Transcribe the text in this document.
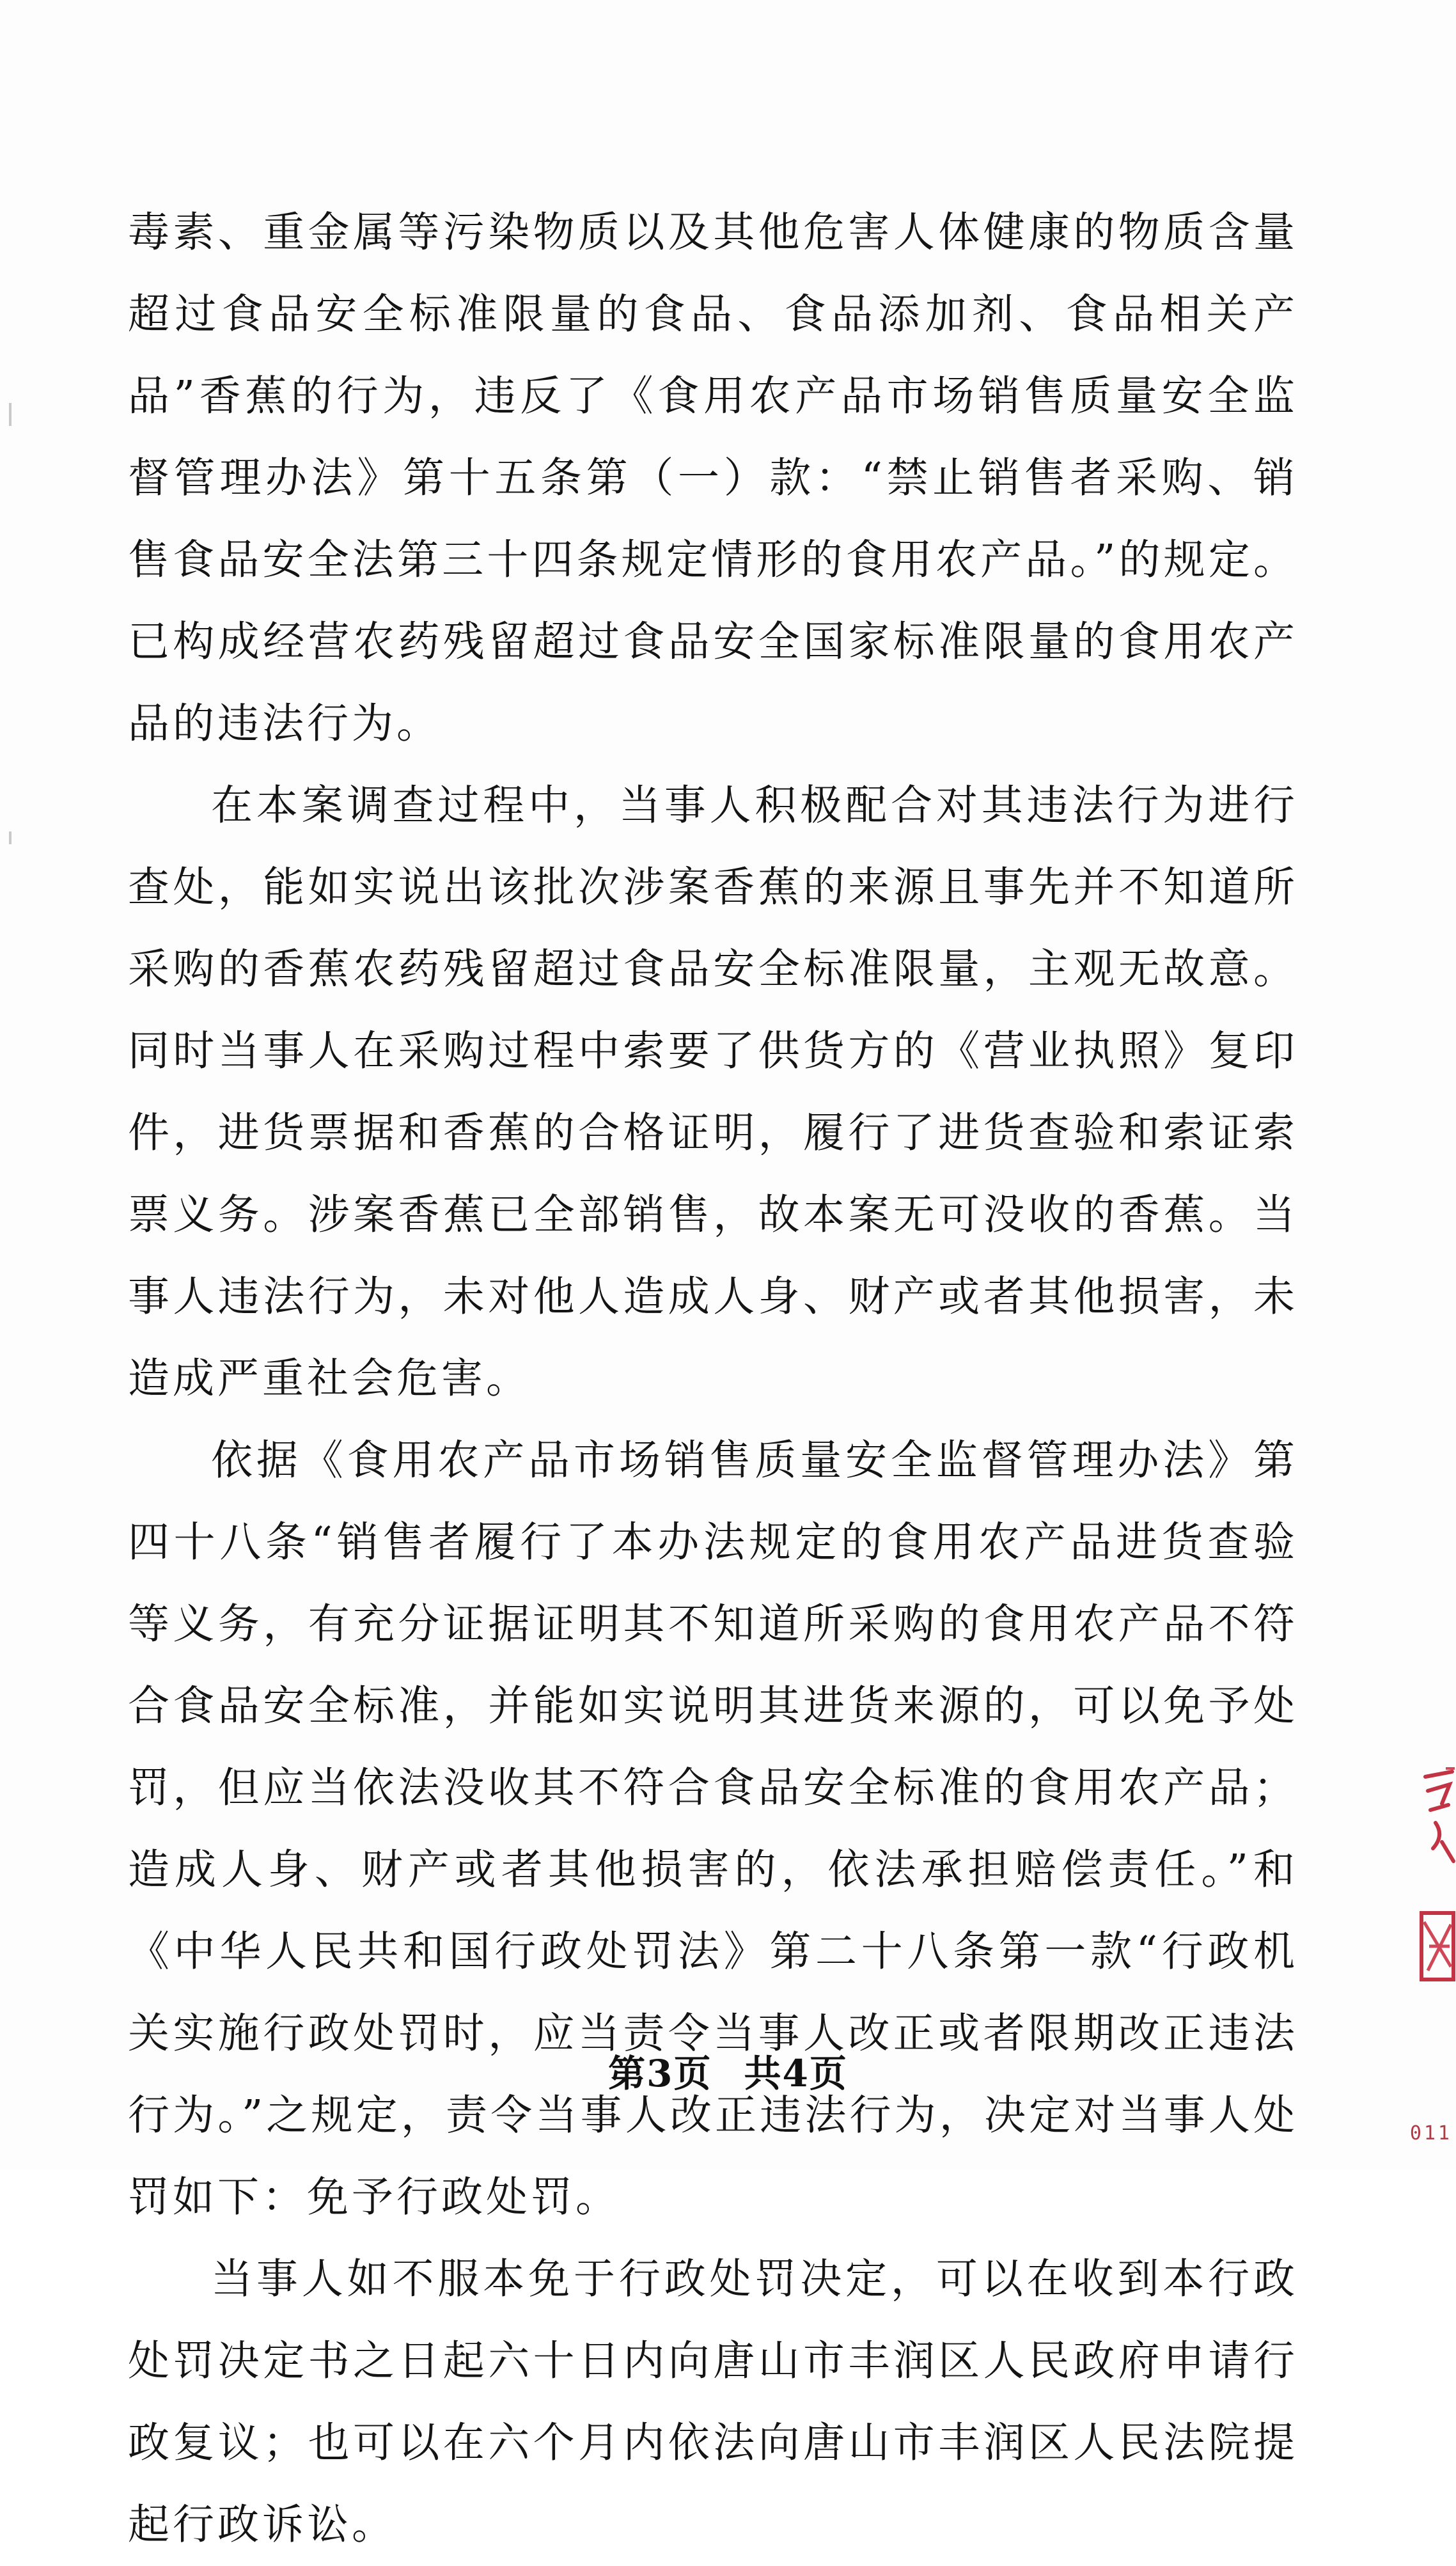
毒素、重金属等污染物质以及其他危害人体健康的物质含量超过食品安全标准限量的食品、食品添加剂、食品相关产品”香蕉的行为，违反了《食用农产品市场销售质量安全监督管理办法》第十五条第（一）款：“禁止销售者采购、销售食品安全法第三十四条规定情形的食用农产品。”的规定。已构成经营农药残留超过食品安全国家标准限量的食用农产品的违法行为。

在本案调查过程中，当事人积极配合对其违法行为进行查处，能如实说出该批次涉案香蕉的来源且事先并不知道所采购的香蕉农药残留超过食品安全标准限量，主观无故意。同时当事人在采购过程中索要了供货方的《营业执照》复印件，进货票据和香蕉的合格证明，履行了进货查验和索证索票义务。涉案香蕉已全部销售，故本案无可没收的香蕉。当事人违法行为，未对他人造成人身、财产或者其他损害，未造成严重社会危害。

依据《食用农产品市场销售质量安全监督管理办法》第四十八条“销售者履行了本办法规定的食用农产品进货查验等义务，有充分证据证明其不知道所采购的食用农产品不符合食品安全标准，并能如实说明其进货来源的，可以免予处罚，但应当依法没收其不符合食品安全标准的食用农产品；造成人身、财产或者其他损害的，依法承担赔偿责任。”和《中华人民共和国行政处罚法》第二十八条第一款“行政机关实施行政处罚时，应当责令当事人改正或者限期改正违法行为。”之规定，责令当事人改正违法行为，决定对当事人处罚如下：免予行政处罚。

当事人如不服本免于行政处罚决定，可以在收到本行政处罚决定书之日起六十日内向唐山市丰润区人民政府申请行政复议；也可以在六个月内依法向唐山市丰润区人民法院提起行政诉讼。

第3页 共4页
011
